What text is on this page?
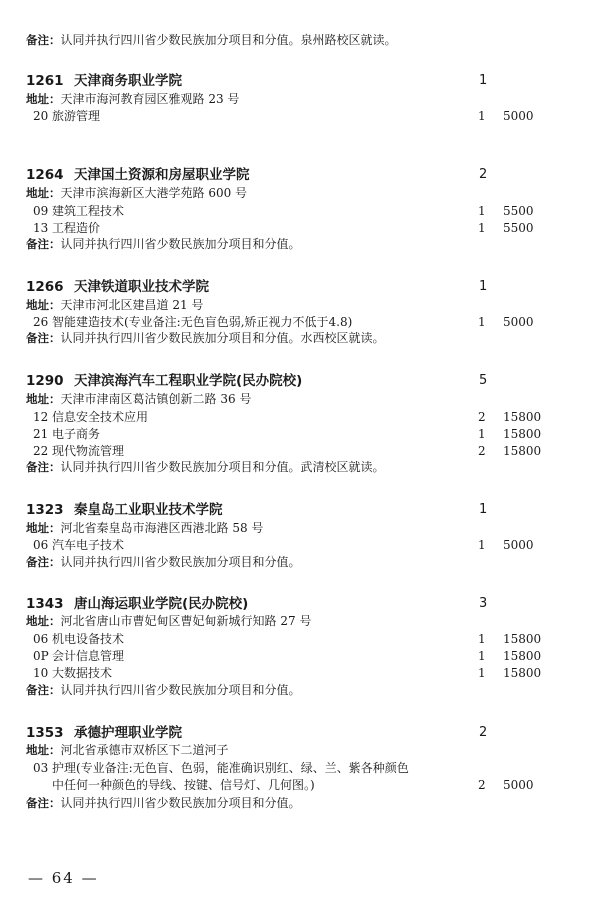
备注：认同并执行四川省少数民族加分项目和分值。泉州路校区就读。
1261 天津商务职业学院	1
地址：天津市海河教育园区雅观路 23 号
20 旅游管理	1 5000
1264 天津国土资源和房屋职业学院	2
地址：天津市滨海新区大港学苑路 600 号
09 建筑工程技术	1 5500
13 工程造价	1 5500
备注：认同并执行四川省少数民族加分项目和分值。
1266 天津铁道职业技术学院	1
地址：天津市河北区建昌道 21 号
26 智能建造技术(专业备注:无色盲色弱,矫正视力不低于4.8)	1 5000
备注：认同并执行四川省少数民族加分项目和分值。水西校区就读。
1290 天津滨海汽车工程职业学院(民办院校)	5
地址：天津市津南区葛沽镇创新二路 36 号
12 信息安全技术应用	2 15800
21 电子商务	1 15800
22 现代物流管理	2 15800
备注：认同并执行四川省少数民族加分项目和分值。武清校区就读。
1323 秦皇岛工业职业技术学院	1
地址：河北省秦皇岛市海港区西港北路 58 号
06 汽车电子技术	1 5000
备注：认同并执行四川省少数民族加分项目和分值。
1343 唐山海运职业学院(民办院校)	3
地址：河北省唐山市曹妃甸区曹妃甸新城行知路 27 号
06 机电设备技术	1 15800
0P 会计信息管理	1 15800
10 大数据技术	1 15800
备注：认同并执行四川省少数民族加分项目和分值。
1353 承德护理职业学院	2
地址：河北省承德市双桥区下二道河子
03 护理(专业备注:无色盲、色弱，能准确识别红、绿、兰、紫各种颜色
中任何一种颜色的导线、按键、信号灯、几何图。)	2 5000
备注：认同并执行四川省少数民族加分项目和分值。
— 64 —
